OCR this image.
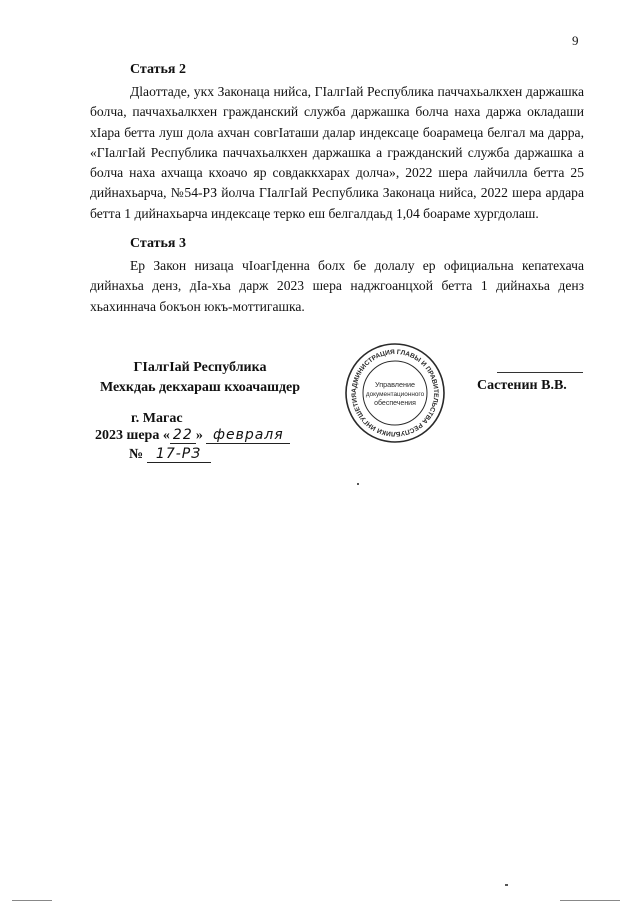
9
Статья 2

Дlaоттаде, укх Законаца нийса, ГӀалгӀай Республика паччахьалкхен даржашка болча, паччахьалкхен гражданский служба даржашка болча наха даржа окладаши хӀара бетта луш дола ахчан совгӀаташи далар индексаце боарамеца белгал ма дарра, «ГӀалгӀай Республика паччахьалкхен даржашка а гражданский служба даржашка а болча наха ахчаща кхоачо яр совдаккхарах долча», 2022 шера лайчилла бетта 25 дийнахьарча, №54-РЗ йолча ГӀалгӀай Республика Законаца нийса, 2022 шера ардара бетта 1 дийнахьарча индексаце терко еш белгалдаьд 1,04 боараме хургдолаш.

Статья 3

Ер Закон низаца чӀоагӀденна болх бе долалу ер официальна кепатехача дийнахьа денз, дIa-хьа дарж 2023 шера наджгоанцхой бетта 1 дийнахьа денз хьахиннача бокъон юкъ-моттигашка.

ГӀалгӀай Республика
Мехкдаь декхараш кхоачашдер
г. Магас
2023 шера « 22 » февраля
№ 17-РЗ
АДМИНИСТРАЦИЯ ГЛАВЫ И ПРАВИТЕЛЬСТВА РЕСПУБЛИКИ ИНГУШЕТИЯ
Управление
документационного
обеспечения
Састенин В.В.
